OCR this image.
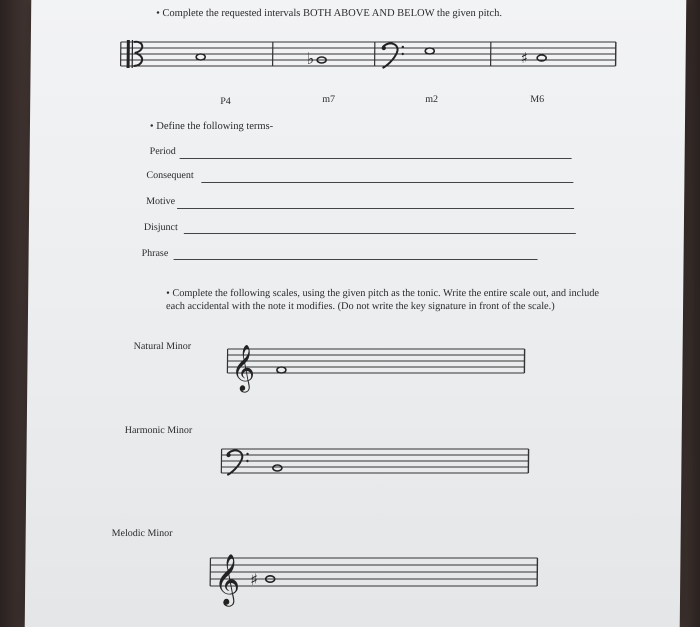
• Complete the requested intervals BOTH ABOVE AND BELOW the given pitch.
♭	♯
P4	m7	m2	M6
• Define the following terms-
Period
Consequent
Motive
Disjunct
Phrase
• Complete the following scales, using the given pitch as the tonic. Write the entire scale out, and include each accidental with the note it modifies. (Do not write the key signature in front of the scale.)
Natural Minor 𝄞
Harmonic Minor
Melodic Minor
𝄞 ♯
